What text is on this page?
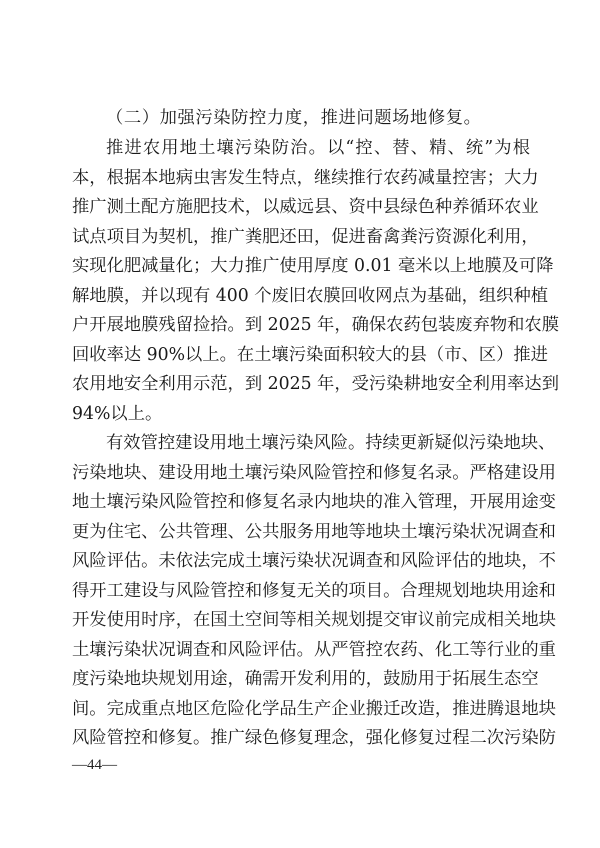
（二）加强污染防控力度，推进问题场地修复。
推进农用地土壤污染防治。以“控、替、精、统”为根
本，根据本地病虫害发生特点，继续推行农药减量控害；大力
推广测土配方施肥技术，以威远县、资中县绿色种养循环农业
试点项目为契机，推广粪肥还田，促进畜禽粪污资源化利用，
实现化肥减量化；大力推广使用厚度 0.01 毫米以上地膜及可降
解地膜，并以现有 400 个废旧农膜回收网点为基础，组织种植
户开展地膜残留捡拾。到 2025 年，确保农药包装废弃物和农膜
回收率达 90%以上。在土壤污染面积较大的县（市、区）推进
农用地安全利用示范，到 2025 年，受污染耕地安全利用率达到
94%以上。
有效管控建设用地土壤污染风险。持续更新疑似污染地块、
污染地块、建设用地土壤污染风险管控和修复名录。严格建设用
地土壤污染风险管控和修复名录内地块的准入管理，开展用途变
更为住宅、公共管理、公共服务用地等地块土壤污染状况调查和
风险评估。未依法完成土壤污染状况调查和风险评估的地块，不
得开工建设与风险管控和修复无关的项目。合理规划地块用途和
开发使用时序，在国土空间等相关规划提交审议前完成相关地块
土壤污染状况调查和风险评估。从严管控农药、化工等行业的重
度污染地块规划用途，确需开发利用的，鼓励用于拓展生态空
间。完成重点地区危险化学品生产企业搬迁改造，推进腾退地块
风险管控和修复。推广绿色修复理念，强化修复过程二次污染防
—44—
